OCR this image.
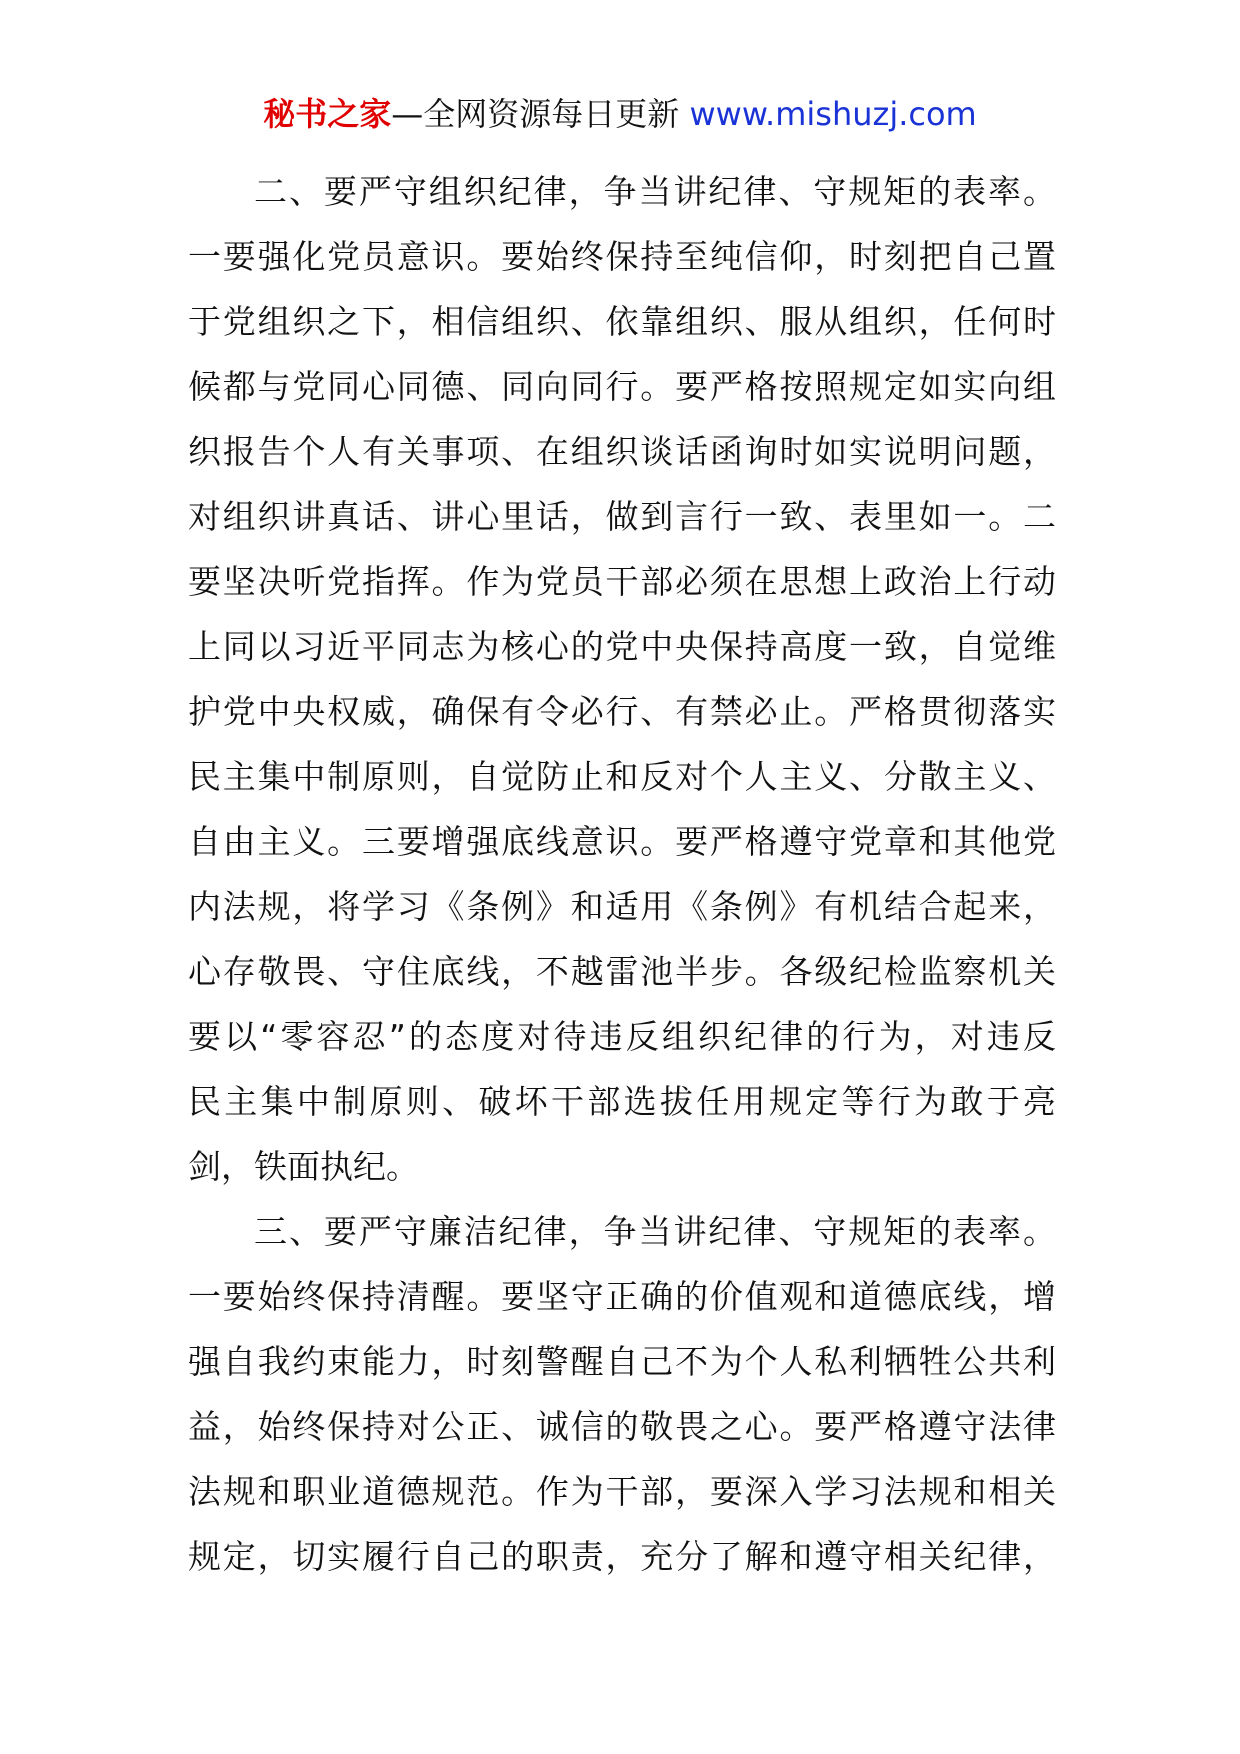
秘书之家—全网资源每日更新 www.mishuzj.com
二、要严守组织纪律，争当讲纪律、守规矩的表率。
一要强化党员意识。要始终保持至纯信仰，时刻把自己置
于党组织之下，相信组织、依靠组织、服从组织，任何时
候都与党同心同德、同向同行。要严格按照规定如实向组
织报告个人有关事项、在组织谈话函询时如实说明问题，
对组织讲真话、讲心里话，做到言行一致、表里如一。二
要坚决听党指挥。作为党员干部必须在思想上政治上行动
上同以习近平同志为核心的党中央保持高度一致，自觉维
护党中央权威，确保有令必行、有禁必止。严格贯彻落实
民主集中制原则，自觉防止和反对个人主义、分散主义、
自由主义。三要增强底线意识。要严格遵守党章和其他党
内法规，将学习《条例》和适用《条例》有机结合起来，
心存敬畏、守住底线，不越雷池半步。各级纪检监察机关
要以“零容忍”的态度对待违反组织纪律的行为，对违反
民主集中制原则、破坏干部选拔任用规定等行为敢于亮
剑，铁面执纪。
三、要严守廉洁纪律，争当讲纪律、守规矩的表率。
一要始终保持清醒。要坚守正确的价值观和道德底线，增
强自我约束能力，时刻警醒自己不为个人私利牺牲公共利
益，始终保持对公正、诚信的敬畏之心。要严格遵守法律
法规和职业道德规范。作为干部，要深入学习法规和相关
规定，切实履行自己的职责，充分了解和遵守相关纪律，
